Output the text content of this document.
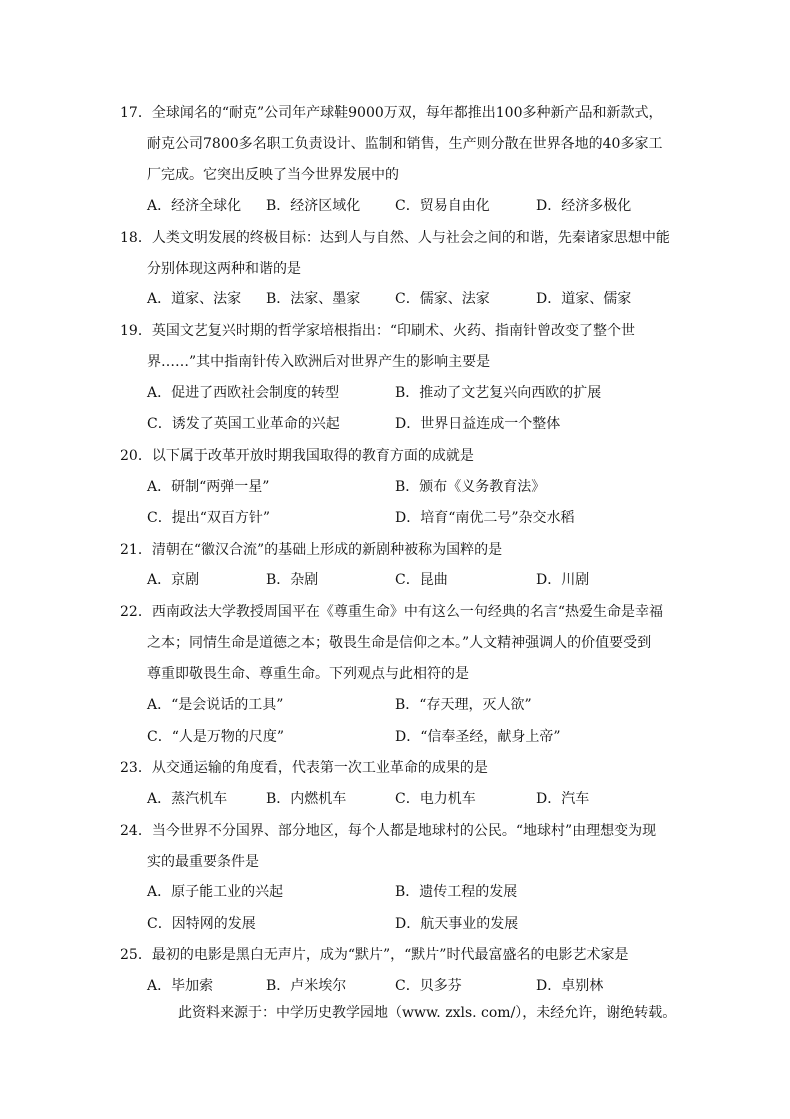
17．全球闻名的“耐克”公司年产球鞋9000万双，每年都推出100多种新产品和新款式，
耐克公司7800多名职工负责设计、监制和销售，生产则分散在世界各地的40多家工
厂完成。它突出反映了当今世界发展中的
A．经济全球化 B．经济区域化 C．贸易自由化	D．经济多极化
18．人类文明发展的终极目标：达到人与自然、人与社会之间的和谐，先秦诸家思想中能
分别体现这两种和谐的是
A．道家、法家 B．法家、墨家 C．儒家、法家	D．道家、儒家
19．英国文艺复兴时期的哲学家培根指出：“印刷术、火药、指南针曾改变了整个世
界……”其中指南针传入欧洲后对世界产生的影响主要是
A．促进了西欧社会制度的转型	B．推动了文艺复兴向西欧的扩展
C．诱发了英国工业革命的兴起	D．世界日益连成一个整体
20．以下属于改革开放时期我国取得的教育方面的成就是
A．研制“两弹一星”	B．颁布《义务教育法》
C．提出“双百方针”	D．培育“南优二号”杂交水稻
21．清朝在“徽汉合流”的基础上形成的新剧种被称为国粹的是
A．京剧	B．杂剧	C．昆曲	D．川剧
22．西南政法大学教授周国平在《尊重生命》中有这么一句经典的名言“热爱生命是幸福
之本；同情生命是道德之本；敬畏生命是信仰之本。”人文精神强调人的价值要受到
尊重即敬畏生命、尊重生命。下列观点与此相符的是
A．“是会说话的工具”	B．“存天理，灭人欲”
C．“人是万物的尺度”	D．“信奉圣经，献身上帝”
23．从交通运输的角度看，代表第一次工业革命的成果的是
A．蒸汽机车	B．内燃机车	C．电力机车	D．汽车
24．当今世界不分国界、部分地区，每个人都是地球村的公民。“地球村”由理想变为现
实的最重要条件是
A．原子能工业的兴起	B．遗传工程的发展
C．因特网的发展	D．航天事业的发展
25．最初的电影是黑白无声片，成为“默片”，“默片”时代最富盛名的电影艺术家是
A．毕加索	B．卢米埃尔	C．贝多芬	D．卓别林
此资料来源于：中学历史教学园地（www. zxls. com/），未经允许，谢绝转载。
